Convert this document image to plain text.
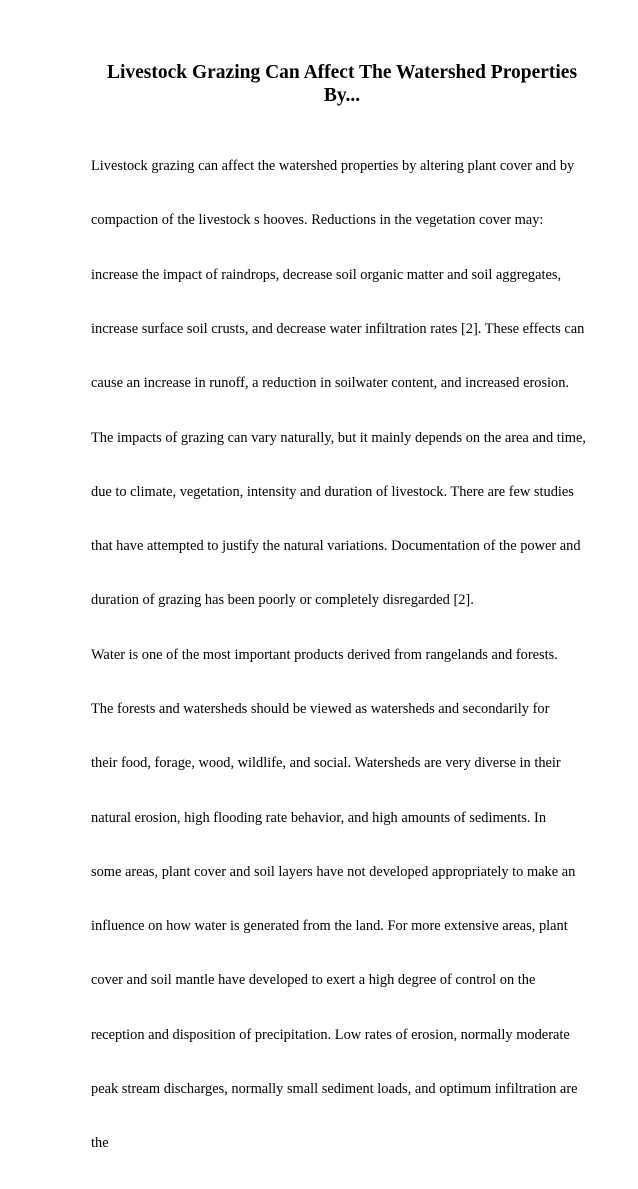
Livestock Grazing Can Affect The Watershed Properties
By...

Livestock grazing can affect the watershed properties by altering plant cover and by

compaction of the livestock s hooves. Reductions in the vegetation cover may:

increase the impact of raindrops, decrease soil organic matter and soil aggregates,

increase surface soil crusts, and decrease water infiltration rates [2]. These effects can

cause an increase in runoff, a reduction in soilwater content, and increased erosion.

The impacts of grazing can vary naturally, but it mainly depends on the area and time,

due to climate, vegetation, intensity and duration of livestock. There are few studies

that have attempted to justify the natural variations. Documentation of the power and

duration of grazing has been poorly or completely disregarded [2].

Water is one of the most important products derived from rangelands and forests.

The forests and watersheds should be viewed as watersheds and secondarily for

their food, forage, wood, wildlife, and social. Watersheds are very diverse in their

natural erosion, high flooding rate behavior, and high amounts of sediments. In

some areas, plant cover and soil layers have not developed appropriately to make an

influence on how water is generated from the land. For more extensive areas, plant

cover and soil mantle have developed to exert a high degree of control on the

reception and disposition of precipitation. Low rates of erosion, normally moderate

peak stream discharges, normally small sediment loads, and optimum infiltration are

the
